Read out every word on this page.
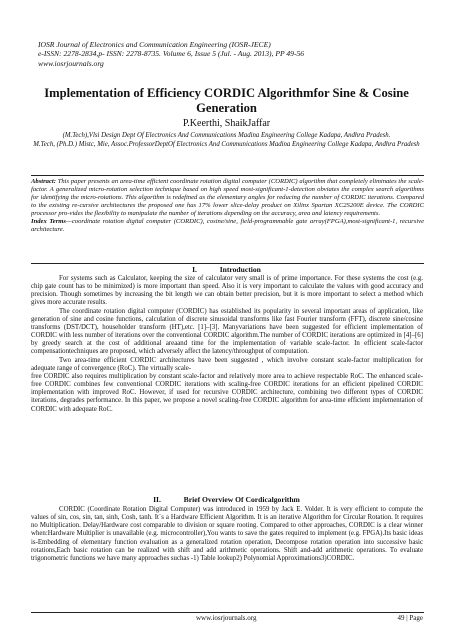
IOSR Journal of Electronics and Communication Engineering (IOSR-JECE)
e-ISSN: 2278-2834,p- ISSN: 2278-8735. Volume 6, Issue 5 (Jul. - Aug. 2013), PP 49-56
www.iosrjournals.org
Implementation of Efficiency CORDIC Algorithmfor Sine & Cosine Generation
P.Keerthi, ShaikJaffar
(M.Tech),Vlsi Design Dept Of Electronics And Communications Madina Engineering College Kadapa, Andhra Pradesh.
M.Tech, (Ph.D.) Mistc, Mie, Assoc.ProfessorDeptOf Electronics And Communications Madina Engineering College Kadapa, Andhra Pradesh

Abstract: This paper presents an area-time efficient coordinate rotation digital computer (CORDIC) algorithm that completely eliminates the scale-factor. A generalized micro-rotation selection technique based on high speed most-significant-1-detection obviates the complex search algorithms for identifying the micro-rotations. This algorithm is redefined as the elementary angles for reducing the number of CORDIC iterations. Compared to the existing re-cursive architectures the proposed one has 17% lower slice-delay product on Xilinx Spartan XC2S200E device. The CORDIC processor pro-vides the flexibility to manipulate the number of iterations depending on the accuracy, area and latency requirements.

Index Terms—coordinate rotation digital computer (CORDIC), cosine/sine, field-programmable gate array(FPGA),most-significant-1, recursive architecture.

I.   Introduction

For systems such as Calculator, keeping the size of calculator very small is of prime importance. For these systems the cost (e.g. chip gate count has to be minimized) is more important than speed. Also it is very important to calculate the values with good accuracy and precision. Though sometimes by increasing the bit length we can obtain better precision, but it is more important to select a method which gives more accurate results.

The coordinate rotation digital computer (CORDIC) has established its popularity in several important areas of application, like generation of sine and cosine functions, calculation of discrete sinusoidal transforms like fast Fourier transform (FFT), discrete sine/cosine transforms (DST/DCT), householder transform (HT),etc. [1]–[3]. Manyvariations have been suggested for efficient implementation of CORDIC with less number of iterations over the conventional CORDIC algorithm.The number of CORDIC iterations are optimized in [4]–[6] by greedy search at the cost of additional areaand time for the implementation of variable scale-factor. In efficient scale-factor compensationtechniques are proposed, which adversely affect the latency/throughput of computation.

Two area-time efficient CORDIC architectures have been suggested , which involve constant scale-factor multiplication for adequate range of convergence (RoC). The virtually scale-

free CORDIC also requires multiplication by constant scale-factor and relatively more area to achieve respectable RoC. The enhanced scale-free CORDIC combines few conventional CORDIC iterations with scaling-free CORDIC iterations for an efficient pipelined CORDIC implementation with improved RoC. However, if used for recursive CORDIC architecture, combining two different types of CORDIC iterations, degrades performance. In this paper, we propose a novel scaling-free CORDIC algorithm for area-time efficient implementation of CORDIC with adequate RoC.

II.   Brief Overview Of Cordicalgorithm

CORDIC (Coordinate Rotation Digital Computer) was introduced in 1959 by Jack E. Volder. It is very efficient to compute the values of sin, cos, sin, tan, sinh, Cosh, tanh. It`s a Hardware Efficient Algorithm. It is an iterative Algorithm for Circular Rotation. It requires no Multiplication. Delay/Hardware cost comparable to division or square rooting. Compared to other approaches, CORDIC is a clear winner when:Hardware Multiplier is unavailable (e.g. microcontroller),You wants to save the gates required to implement (e.g. FPGA).Its basic ideas is-Embedding of elementary function evaluation as a generalized rotation operation, Decompose rotation operation into successive basic rotations,Each basic rotation can be realized with shift and add arithmetic operations. Shift and-add arithmetic operations. To evaluate trigonometric functions we have many approaches suchas -1) Table lookup2) Polynomial Approximations3)CORDIC.

www.iosrjournals.org	49 | Page
